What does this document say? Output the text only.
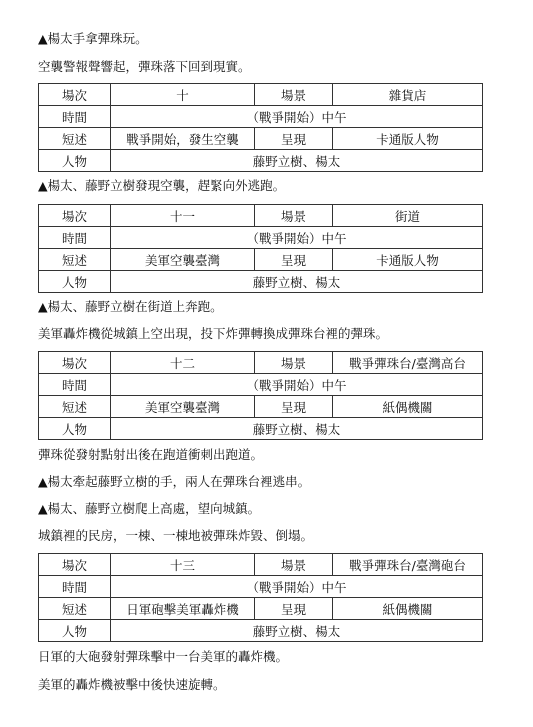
▲楊太手拿彈珠玩。
空襲警報聲響起，彈珠落下回到現實。
場次	十	場景	雜貨店
時間	（戰爭開始）中午		
短述	戰爭開始，發生空襲	呈現	卡通版人物
人物	藤野立樹、楊太		
▲楊太、藤野立樹發現空襲，趕緊向外逃跑。
場次	十一	場景	街道
時間	（戰爭開始）中午		
短述	美軍空襲臺灣	呈現	卡通版人物
人物	藤野立樹、楊太		
▲楊太、藤野立樹在街道上奔跑。
美軍轟炸機從城鎮上空出現，投下炸彈轉換成彈珠台裡的彈珠。
場次	十二	場景	戰爭彈珠台/臺灣高台
時間	（戰爭開始）中午		
短述	美軍空襲臺灣	呈現	紙偶機關
人物	藤野立樹、楊太		
彈珠從發射點射出後在跑道衝刺出跑道。
▲楊太牽起藤野立樹的手，兩人在彈珠台裡逃串。
▲楊太、藤野立樹爬上高處，望向城鎮。
城鎮裡的民房，一棟、一棟地被彈珠炸毀、倒塌。
場次	十三	場景	戰爭彈珠台/臺灣砲台
時間	（戰爭開始）中午		
短述	日軍砲擊美軍轟炸機	呈現	紙偶機關
人物	藤野立樹、楊太		
日軍的大砲發射彈珠擊中一台美軍的轟炸機。
美軍的轟炸機被擊中後快速旋轉。
